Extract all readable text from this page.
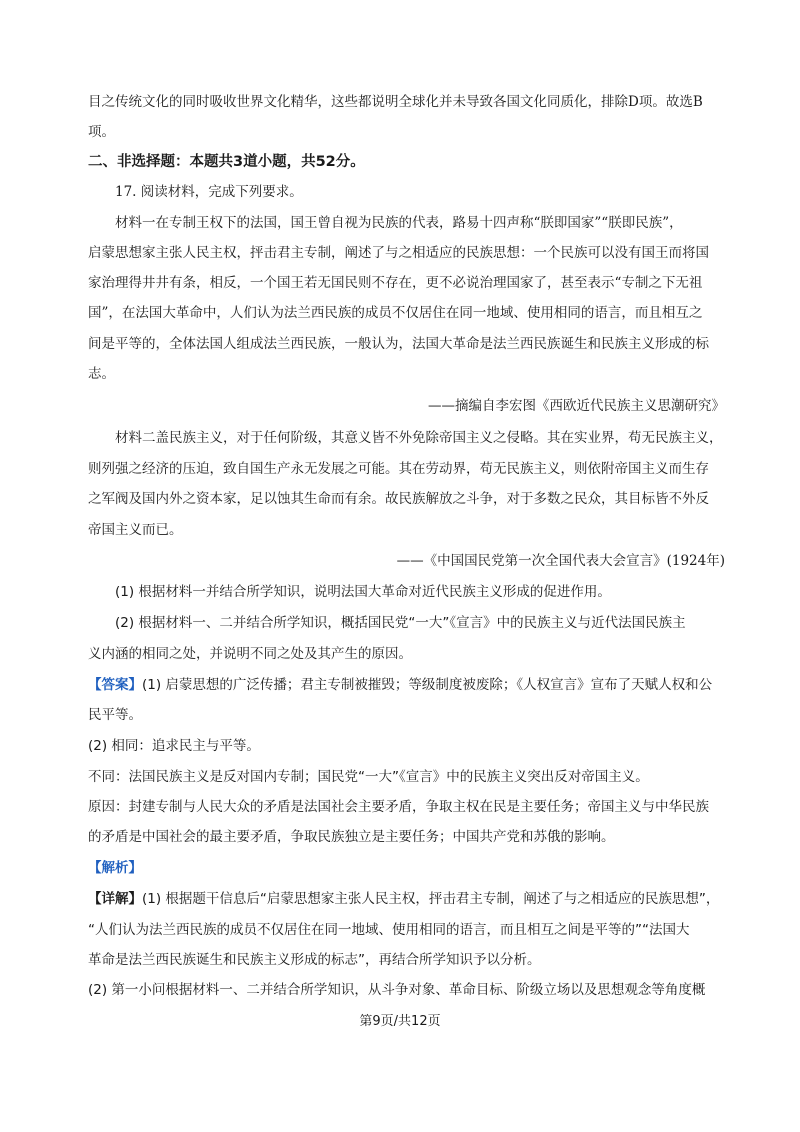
目之传统文化的同时吸收世界文化精华，这些都说明全球化并未导致各国文化同质化，排除D项。故选B
项。
二、非选择题：本题共3道小题，共52分。
17. 阅读材料，完成下列要求。
材料一在专制王权下的法国，国王曾自视为民族的代表，路易十四声称“朕即国家”“朕即民族”，
启蒙思想家主张人民主权，抨击君主专制，阐述了与之相适应的民族思想：一个民族可以没有国王而将国
家治理得井井有条，相反，一个国王若无国民则不存在，更不必说治理国家了，甚至表示“专制之下无祖
国”，在法国大革命中，人们认为法兰西民族的成员不仅居住在同一地域、使用相同的语言，而且相互之
间是平等的，全体法国人组成法兰西民族，一般认为，法国大革命是法兰西民族诞生和民族主义形成的标
志。
——摘编自李宏图《西欧近代民族主义思潮研究》
材料二盖民族主义，对于任何阶级，其意义皆不外免除帝国主义之侵略。其在实业界，苟无民族主义，
则列强之经济的压迫，致自国生产永无发展之可能。其在劳动界，苟无民族主义，则依附帝国主义而生存
之军阀及国内外之资本家，足以蚀其生命而有余。故民族解放之斗争，对于多数之民众，其目标皆不外反
帝国主义而已。
——《中国国民党第一次全国代表大会宣言》(1924年)
(1) 根据材料一并结合所学知识，说明法国大革命对近代民族主义形成的促进作用。
(2) 根据材料一、二并结合所学知识，概括国民党“一大”《宣言》中的民族主义与近代法国民族主
义内涵的相同之处，并说明不同之处及其产生的原因。
【答案】(1) 启蒙思想的广泛传播；君主专制被摧毁；等级制度被废除；《人权宣言》宣布了天赋人权和公
民平等。
(2) 相同：追求民主与平等。
不同：法国民族主义是反对国内专制；国民党“一大”《宣言》中的民族主义突出反对帝国主义。
原因：封建专制与人民大众的矛盾是法国社会主要矛盾，争取主权在民是主要任务；帝国主义与中华民族
的矛盾是中国社会的最主要矛盾，争取民族独立是主要任务；中国共产党和苏俄的影响。
【解析】
【详解】(1) 根据题干信息后“启蒙思想家主张人民主权，抨击君主专制，阐述了与之相适应的民族思想”，
“人们认为法兰西民族的成员不仅居住在同一地域、使用相同的语言，而且相互之间是平等的”“法国大
革命是法兰西民族诞生和民族主义形成的标志”，再结合所学知识予以分析。
(2) 第一小问根据材料一、二并结合所学知识，从斗争对象、革命目标、阶级立场以及思想观念等角度概
第9页/共12页
